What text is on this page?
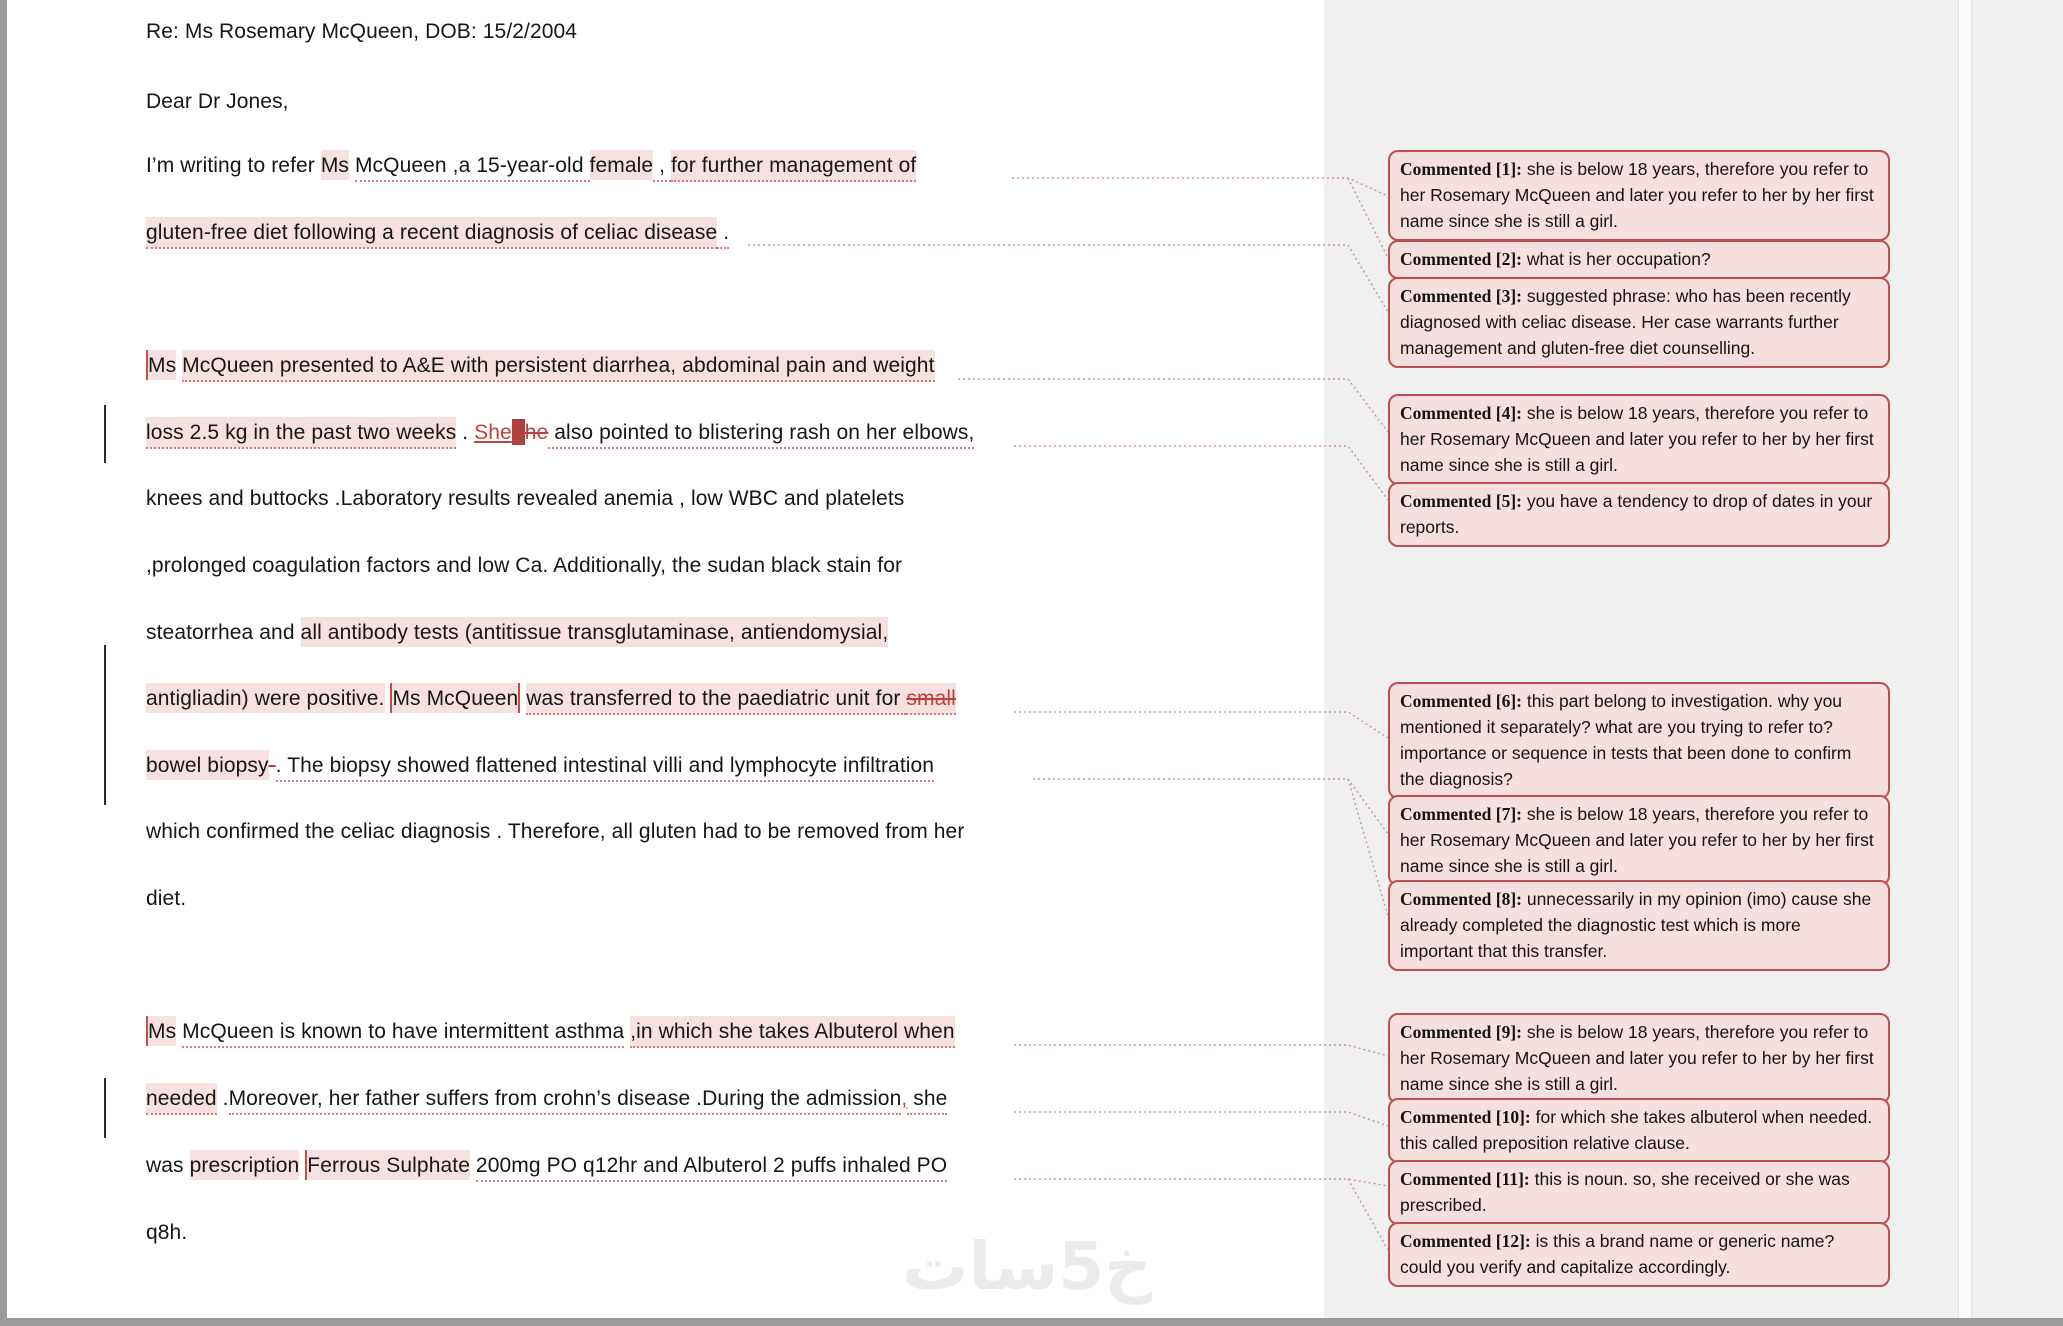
Re: Ms Rosemary McQueen, DOB: 15/2/2004
Dear Dr Jones,
I’m writing to refer Ms McQueen ,a 15-year-old female , for further management of
gluten-free diet following a recent diagnosis of celiac disease .
Ms McQueen presented to A&E with persistent diarrhea, abdominal pain and weight
loss 2.5 kg in the past two weeks . She he also pointed to blistering rash on her elbows,
knees and buttocks .Laboratory results revealed anemia , low WBC and platelets
,prolonged coagulation factors and low Ca. Additionally, the sudan black stain for
steatorrhea and all antibody tests (antitissue transglutaminase, antiendomysial,
antigliadin) were positive. Ms McQueen was transferred to the paediatric unit for small
bowel biopsy-. The biopsy showed flattened intestinal villi and lymphocyte infiltration
which confirmed the celiac diagnosis . Therefore, all gluten had to be removed from her
diet.
Ms McQueen is known to have intermittent asthma ,in which she takes Albuterol when
needed .Moreover, her father suffers from crohn’s disease .During the admission, she
was prescription Ferrous Sulphate 200mg PO q12hr and Albuterol 2 puffs inhaled PO
q8h.	خ5سات
Commented [1]: she is below 18 years, therefore you refer to her Rosemary McQueen and later you refer to her by her first name since she is still a girl.
Commented [2]: what is her occupation?
Commented [3]: suggested phrase: who has been recently diagnosed with celiac disease. Her case warrants further management and gluten-free diet counselling.
Commented [4]: she is below 18 years, therefore you refer to her Rosemary McQueen and later you refer to her by her first name since she is still a girl.
Commented [5]: you have a tendency to drop of dates in your reports.
Commented [6]: this part belong to investigation. why you mentioned it separately? what are you trying to refer to? importance or sequence in tests that been done to confirm the diagnosis?
Commented [7]: she is below 18 years, therefore you refer to her Rosemary McQueen and later you refer to her by her first name since she is still a girl.
Commented [8]: unnecessarily in my opinion (imo) cause she already completed the diagnostic test which is more important that this transfer.
Commented [9]: she is below 18 years, therefore you refer to her Rosemary McQueen and later you refer to her by her first name since she is still a girl.
Commented [10]: for which she takes albuterol when needed. this called preposition relative clause.
Commented [11]: this is noun. so, she received or she was prescribed.
Commented [12]: is this a brand name or generic name? could you verify and capitalize accordingly.
